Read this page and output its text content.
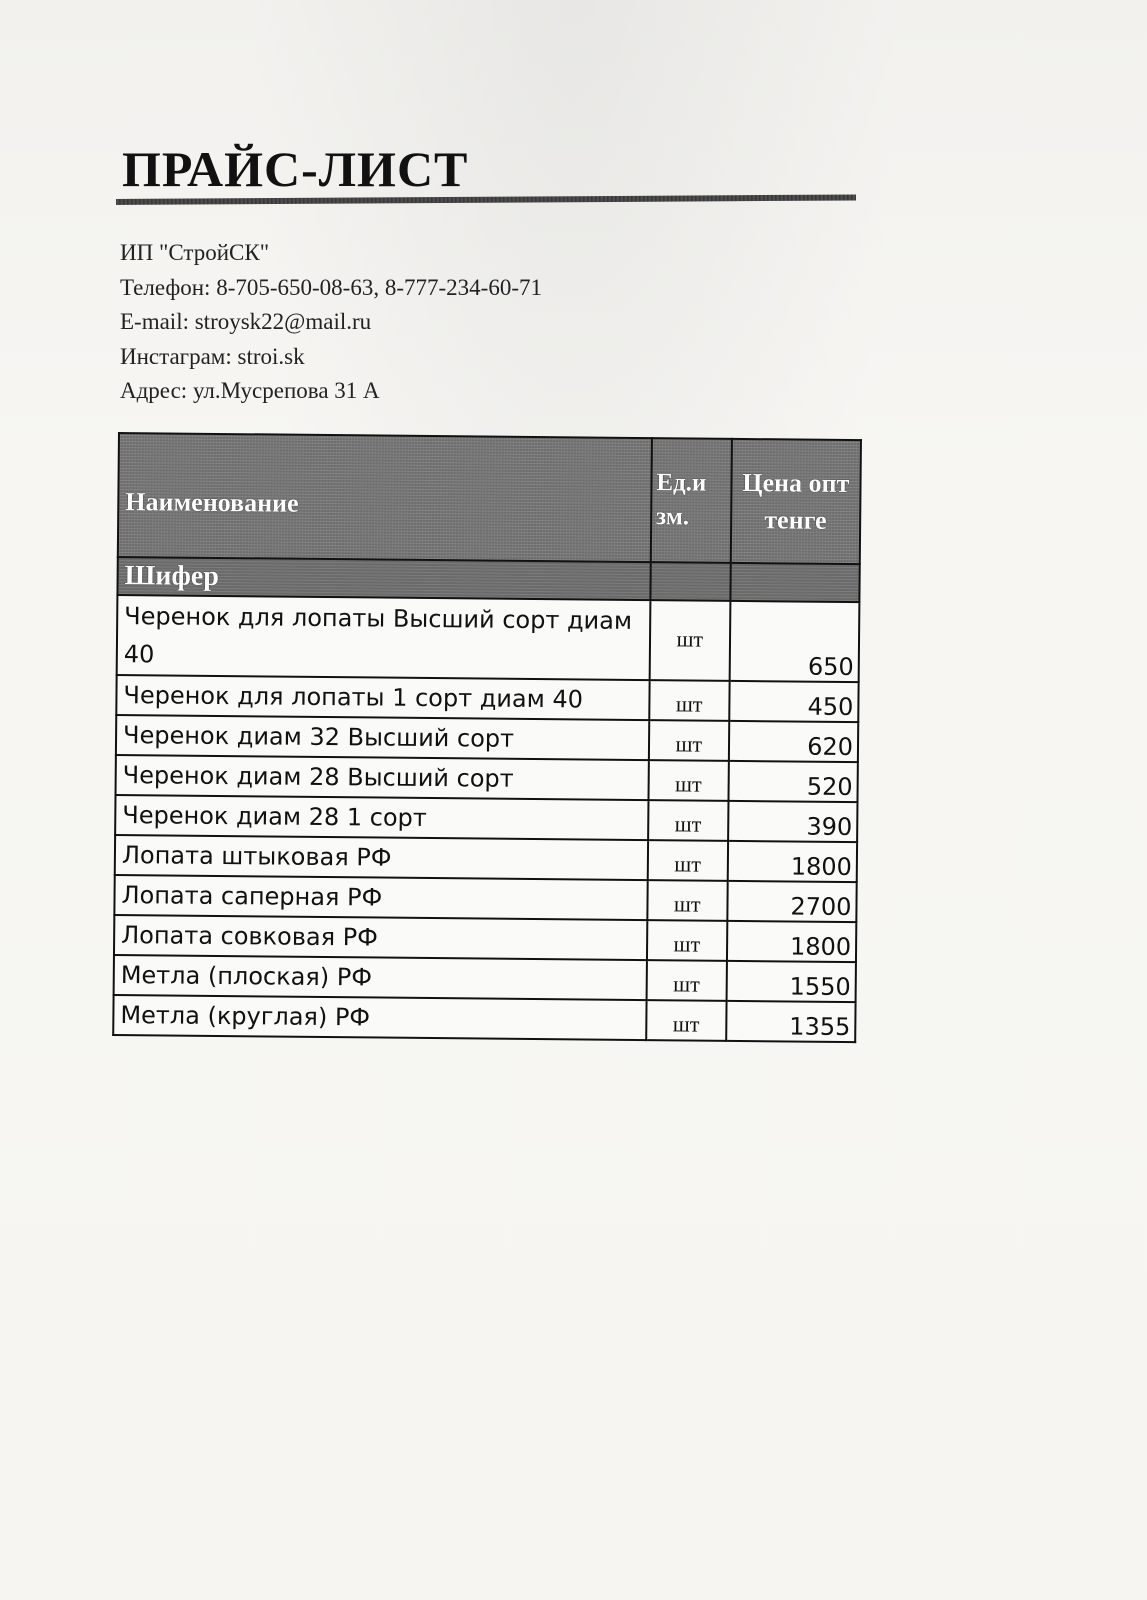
ПРАЙС-ЛИСТ
ИП "СтройСК"
Телефон: 8-705-650-08-63, 8-777-234-60-71
E-mail: stroysk22@mail.ru
Инстаграм: stroi.sk
Адрес: ул.Мусрепова 31 А
Наименование	Ед.и зм.	Цена опт тенге
Шифер		
Черенок для лопаты Высший сорт диам 40	шт	650
Черенок для лопаты 1 сорт диам 40	шт	450
Черенок диам 32 Высший сорт	шт	620
Черенок диам 28 Высший сорт	шт	520
Черенок диам 28 1 сорт	шт	390
Лопата штыковая РФ	шт	1800
Лопата саперная РФ	шт	2700
Лопата совковая РФ	шт	1800
Метла (плоская) РФ	шт	1550
Метла (круглая) РФ	шт	1355
